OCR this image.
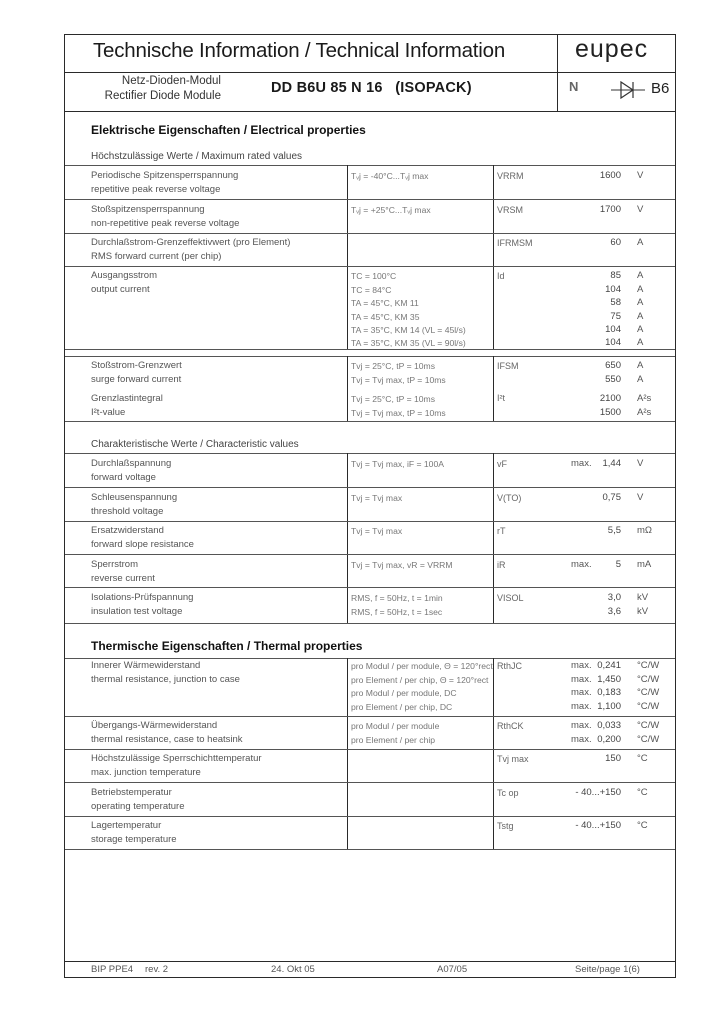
Technische Information / Technical Information	eupec
Netz-Dioden-Modul
Rectifier Diode Module	DD B6U 85 N 16 (ISOPACK)	N	B6
Elektrische Eigenschaften / Electrical properties
Höchstzulässige Werte / Maximum rated values
Periodische Spitzensperrspannung
repetitive peak reverse voltage
Tᵥj = -40°C...Tᵥj max	VRRM	1600 V
Stoßspitzensperrspannung
non-repetitive peak reverse voltage
Tᵥj = +25°C...Tᵥj max	VRSM	1700 V
Durchlaßstrom-Grenzeffektivwert (pro Element)
RMS forward current (per chip)
IFRMSM	60 A
Ausgangsstrom
output current
Id
TC = 100°C	85 A
TC = 84°C	104 A
TA = 45°C, KM 11	58 A
TA = 45°C, KM 35	75 A
TA = 35°C, KM 14 (VL = 45l/s)	104 A
TA = 35°C, KM 35 (VL = 90l/s)	104 A
Stoßstrom-Grenzwert
surge forward current
IFSM
Tvj = 25°C, tP = 10ms	650 A
Tvj = Tvj max, tP = 10ms	550 A
Grenzlastintegral
I²t-value
I²t
Tvj = 25°C, tP = 10ms	2100 A²s
Tvj = Tvj max, tP = 10ms	1500 A²s
Charakteristische Werte / Characteristic values
Durchlaßspannung
forward voltage
Tvj = Tvj max, iF = 100A	vF	max.	1,44 V
Schleusenspannung
threshold voltage
Tvj = Tvj max	V(TO)	0,75 V
Ersatzwiderstand
forward slope resistance
Tvj = Tvj max	rT	5,5 mΩ
Sperrstrom
reverse current
Tvj = Tvj max, vR = VRRM	iR	max.	5 mA
Isolations-Prüfspannung
insulation test voltage
VISOL
RMS, f = 50Hz, t = 1min	3,0 kV
RMS, f = 50Hz, t = 1sec	3,6 kV
Thermische Eigenschaften / Thermal properties
Innerer Wärmewiderstand
thermal resistance, junction to case
RthJC
pro Modul / per module, Θ = 120°rect	max. 0,241 °C/W
pro Element / per chip, Θ = 120°rect	max. 1,450 °C/W
pro Modul / per module, DC	max. 0,183 °C/W
pro Element / per chip, DC	max. 1,100 °C/W
Übergangs-Wärmewiderstand
thermal resistance, case to heatsink
RthCK
pro Modul / per module	max. 0,033 °C/W
pro Element / per chip	max. 0,200 °C/W
Höchstzulässige Sperrschichttemperatur
max. junction temperature
Tvj max	150 °C
Betriebstemperatur
operating temperature
Tc op	- 40...+150 °C
Lagertemperatur
storage temperature
Tstg	- 40...+150 °C
BIP PPE4 rev. 2	24. Okt 05	A07/05	Seite/page 1(6)
